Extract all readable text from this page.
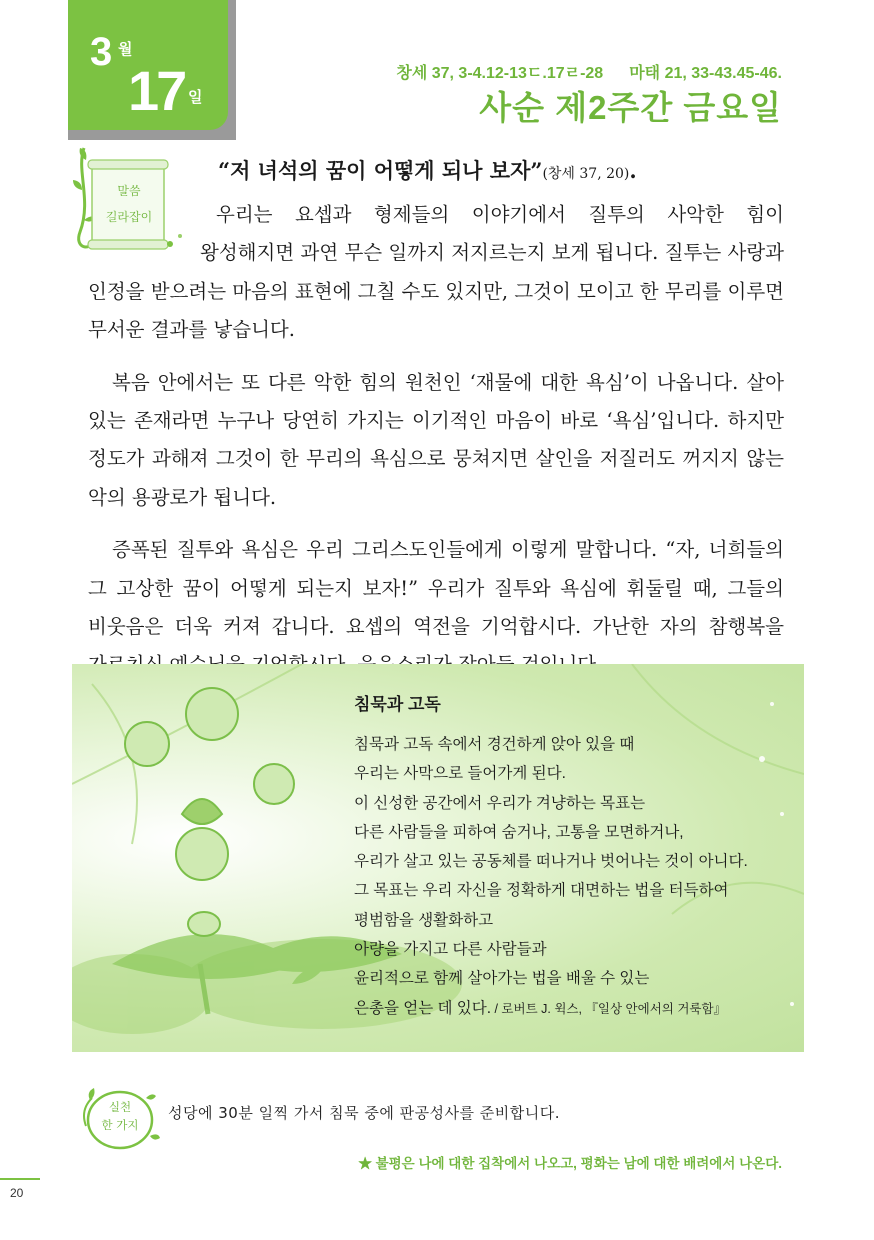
3 월
17 일
창세 37, 3-4.12-13ㄷ.17ㄹ-28 마태 21, 33-43.45-46.
사순 제2주간 금요일
말씀
길라잡이
“저 녀석의 꿈이 어떻게 되나 보자”(창세 37, 20).

우리는 요셉과 형제들의 이야기에서 질투의 사악한 힘이 왕성해지면 과연 무슨 일까지 저지르는지 보게 됩니다. 질투는 사랑과 인정을 받으려는 마음의 표현에 그칠 수도 있지만, 그것이 모이고 한 무리를 이루면 무서운 결과를 낳습니다.

복음 안에서는 또 다른 악한 힘의 원천인 ‘재물에 대한 욕심’이 나옵니다. 살아 있는 존재라면 누구나 당연히 가지는 이기적인 마음이 바로 ‘욕심’입니다. 하지만 정도가 과해져 그것이 한 무리의 욕심으로 뭉쳐지면 살인을 저질러도 꺼지지 않는 악의 용광로가 됩니다.

증폭된 질투와 욕심은 우리 그리스도인들에게 이렇게 말합니다. “자, 너희들의 그 고상한 꿈이 어떻게 되는지 보자!” 우리가 질투와 욕심에 휘둘릴 때, 그들의 비웃음은 더욱 커져 갑니다. 요셉의 역전을 기억합시다. 가난한 자의 참행복을

침묵과 고독
침묵과 고독 속에서 경건하게 앉아 있을 때
우리는 사막으로 들어가게 된다.
이 신성한 공간에서 우리가 겨냥하는 목표는
다른 사람들을 피하여 숨거나, 고통을 모면하거나,
우리가 살고 있는 공동체를 떠나거나 벗어나는 것이 아니다.
그 목표는 우리 자신을 정확하게 대면하는 법을 터득하여
평범함을 생활화하고
아량을 가지고 다른 사람들과
윤리적으로 함께 살아가는 법을 배울 수 있는
은총을 얻는 데 있다. / 로버트 J. 윅스, 『일상 안에서의 거룩함』
실천
한 가지
성당에 30분 일찍 가서 침묵 중에 판공성사를 준비합니다.
★ 불평은 나에 대한 집착에서 나오고, 평화는 남에 대한 배려에서 나온다.
20
